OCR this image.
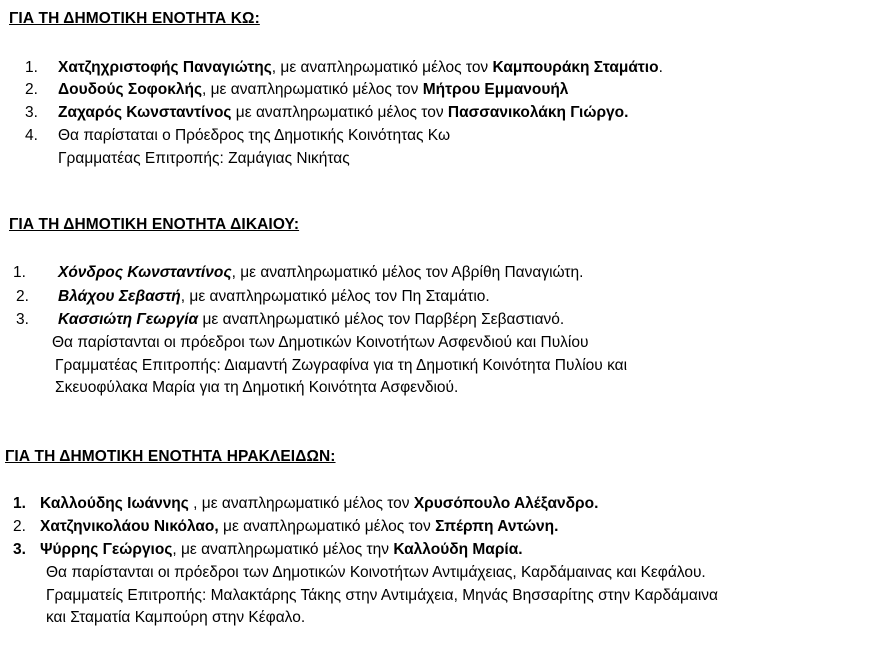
ΓΙΑ ΤΗ ΔΗΜΟΤΙΚΗ ΕΝΟΤΗΤΑ ΚΩ:
1. Χατζηχριστοφής Παναγιώτης, με αναπληρωματικό μέλος τον Καμπουράκη Σταμάτιο.
2. Δουδούς Σοφοκλής, με αναπληρωματικό μέλος τον Μήτρου Εμμανουήλ
3. Ζαχαρός Κωνσταντίνος με αναπληρωματικό μέλος τον Πασσανικολάκη Γιώργο.
4. Θα παρίσταται ο Πρόεδρος της Δημοτικής Κοινότητας Κω
Γραμματέας Επιτροπής: Ζαμάγιας Νικήτας
ΓΙΑ ΤΗ ΔΗΜΟΤΙΚΗ ΕΝΟΤΗΤΑ ΔΙΚΑΙΟΥ:
1. Χόνδρος Κωνσταντίνος, με αναπληρωματικό μέλος τον Αβρίθη Παναγιώτη.
2. Βλάχου Σεβαστή, με αναπληρωματικό μέλος τον Πη Σταμάτιο.
3. Κασσιώτη Γεωργία με αναπληρωματικό μέλος τον Παρβέρη Σεβαστιανό.
Θα παρίστανται οι πρόεδροι των Δημοτικών Κοινοτήτων Ασφενδιού και Πυλίου
Γραμματέας Επιτροπής: Διαμαντή Ζωγραφίνα για τη Δημοτική Κοινότητα Πυλίου και
Σκευοφύλακα Μαρία για τη Δημοτική Κοινότητα Ασφενδιού.
ΓΙΑ ΤΗ ΔΗΜΟΤΙΚΗ ΕΝΟΤΗΤΑ ΗΡΑΚΛΕΙΔΩΝ:
1. Καλλούδης Ιωάννης , με αναπληρωματικό μέλος τον Χρυσόπουλο Αλέξανδρο.
2. Χατζηνικολάου Νικόλαο, με αναπληρωματικό μέλος τον Σπέρπη Αντώνη.
3. Ψύρρης Γεώργιος, με αναπληρωματικό μέλος την Καλλούδη Μαρία.
Θα παρίστανται οι πρόεδροι των Δημοτικών Κοινοτήτων Αντιμάχειας, Καρδάμαινας και Κεφάλου.
Γραμματείς Επιτροπής: Μαλακτάρης Τάκης στην Αντιμάχεια, Μηνάς Βησσαρίτης στην Καρδάμαινα
και Σταματία Καμπούρη στην Κέφαλο.
